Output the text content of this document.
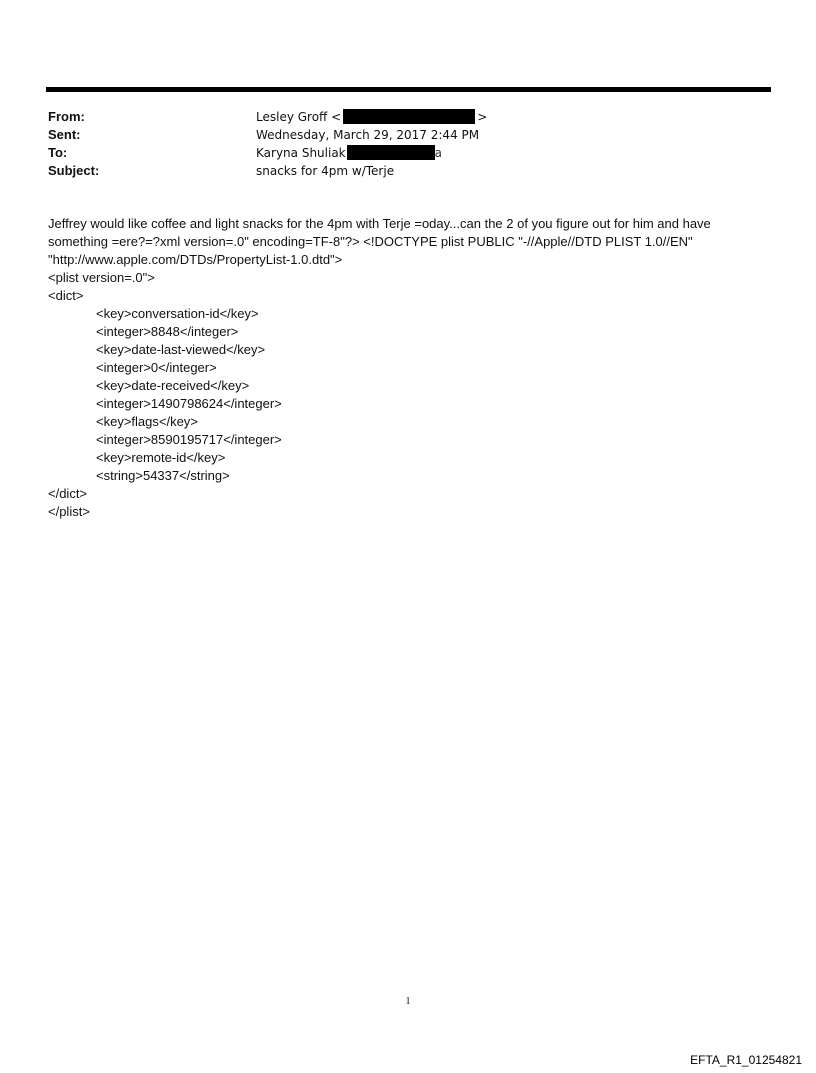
From:	Lesley Groff <	>
Sent:	Wednesday, March 29, 2017 2:44 PM
To:	Karyna Shuliak	a
Subject:	snacks for 4pm w/Terje
Jeffrey would like coffee and light snacks for the 4pm with Terje =oday...can the 2 of you figure out for him and have
something =ere?=?xml version=.0" encoding=TF-8"?> <!DOCTYPE plist PUBLIC "-//Apple//DTD PLIST 1.0//EN"
"http://www.apple.com/DTDs/PropertyList-1.0.dtd">
<plist version=.0">
<dict>
<key>conversation-id</key>
<integer>8848</integer>
<key>date-last-viewed</key>
<integer>0</integer>
<key>date-received</key>
<integer>1490798624</integer>
<key>flags</key>
<integer>8590195717</integer>
<key>remote-id</key>
<string>54337</string>
</dict>
</plist>
1
EFTA_R1_01254821
